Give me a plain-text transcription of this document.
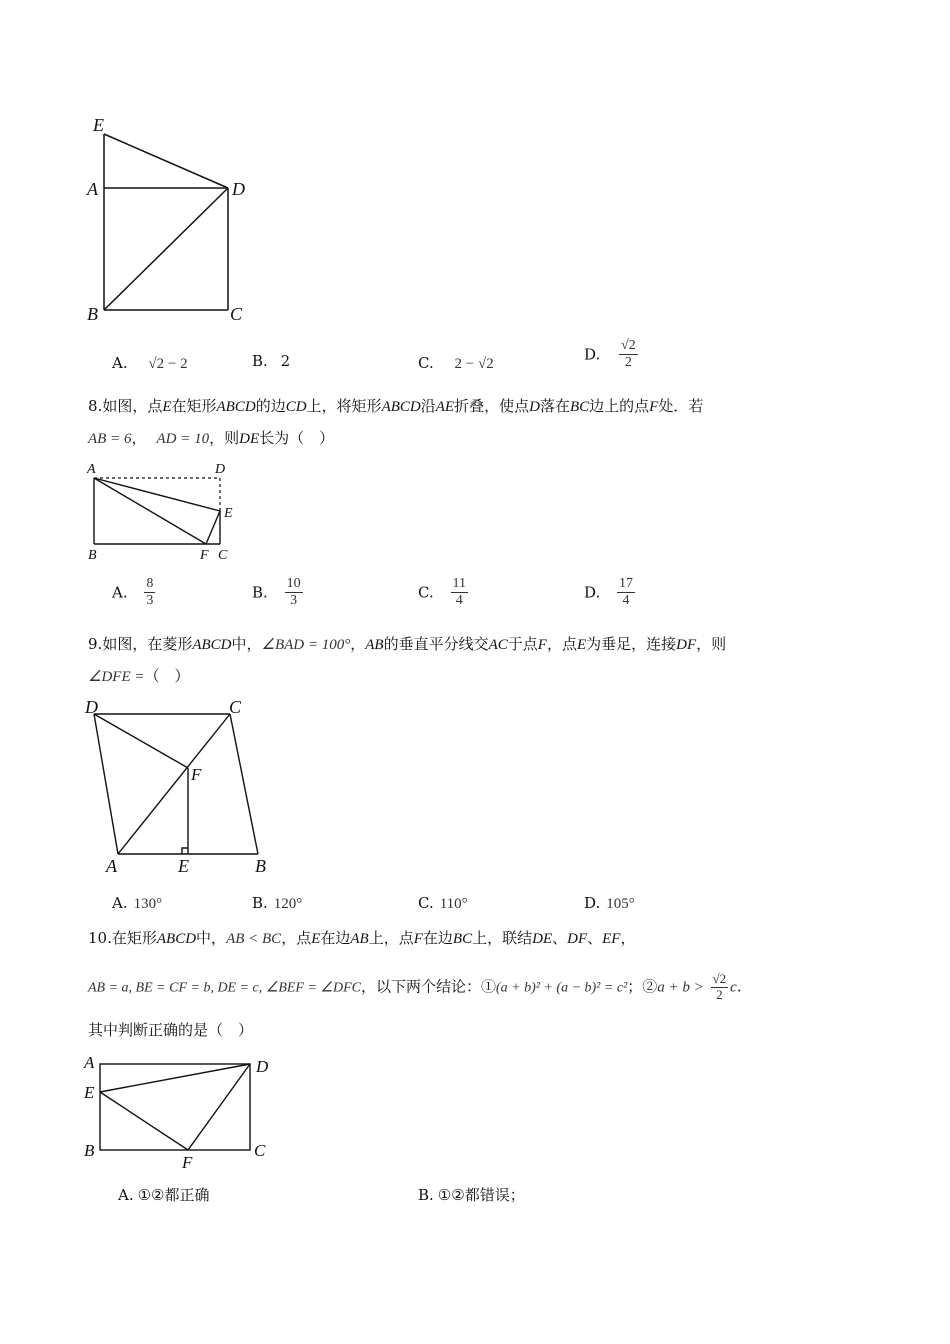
E
A	D
B	C
A. √2 − 2	B. 2	C. 2 − √2
D. $\frac{√2}{2}$
8.如图，点E在矩形ABCD的边CD上，将矩形ABCD沿AE折叠，使点D落在BC边上的点F处．若
AB = 6， AD = 10，则DE长为（　）
A	D
E
B	F C
A. $\frac{8}{3}$	B. $\frac{10}{3}$	C. $\frac{11}{4}$	D. $\frac{17}{4}$
9.如图，在菱形ABCD中，∠BAD = 100°，AB的垂直平分线交AC于点F，点E为垂足，连接DF，则
∠DFE =（　）
D	C
F
A	E	B
A. 130°	B. 120°	C. 110°	D. 105°
10.在矩形ABCD中，AB < BC，点E在边AB上，点F在边BC上，联结DE、DF、EF，
AB = a, BE = CF = b, DE = c, ∠BEF = ∠DFC，以下两个结论：①(a + b)² + (a − b)² = c²；②a + $b > \frac{√2}{2} c$.
其中判断正确的是（　）
A	D
E
B
F
C
A. ①②都正确	B. ①②都错误；
